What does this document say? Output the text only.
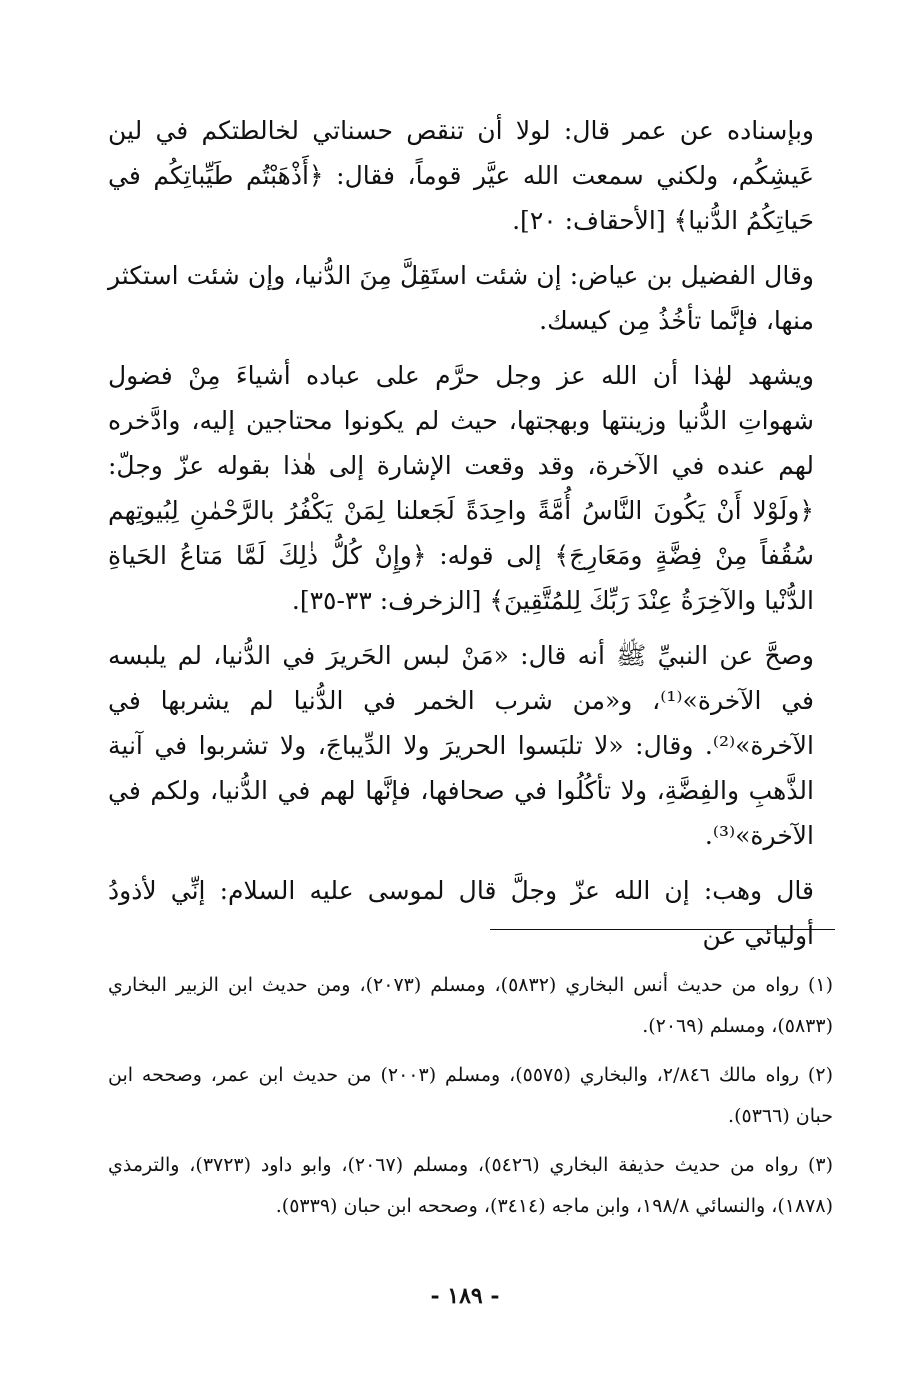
وبإسناده عن عمر قال: لولا أن تنقص حسناتي لخالطتكم في لين عَيشِكُم، ولكني سمعت الله عيَّر قوماً، فقال: ﴿أَذْهَبْتُم طَيِّباتِكُم في حَياتِكُمُ الدُّنيا﴾ [الأحقاف: ٢٠].

وقال الفضيل بن عياض: إن شئت استَقِلَّ مِنَ الدُّنيا، وإن شئت استكثر منها، فإنَّما تأخُذُ مِن كيسك.

ويشهد لهٰذا أن الله عز وجل حرَّم على عباده أشياءَ مِنْ فضول شهواتِ الدُّنيا وزينتها وبهجتها، حيث لم يكونوا محتاجين إليه، وادَّخره لهم عنده في الآخرة، وقد وقعت الإشارة إلى هٰذا بقوله عزّ وجلّ: ﴿ولَوْلا أَنْ يَكُونَ النَّاسُ أُمَّةً واحِدَةً لَجَعلنا لِمَنْ يَكْفُرُ بالرَّحْمٰنِ لِبُيوتِهم سُقُفاً مِنْ فِضَّةٍ ومَعَارِجَ﴾ إلى قوله: ﴿وإِنْ كُلُّ ذٰلِكَ لَمَّا مَتاعُ الحَياةِ الدُّنْيا والآخِرَةُ عِنْدَ رَبِّكَ لِلمُتَّقِينَ﴾ [الزخرف: ٣٣-٣٥].

وصحَّ عن النبيِّ ﷺ أنه قال: «مَنْ لبس الحَريرَ في الدُّنيا، لم يلبسه في الآخرة»⁽¹⁾، و«من شرب الخمر في الدُّنيا لم يشربها في الآخرة»⁽²⁾. وقال: «لا تلبَسوا الحريرَ ولا الدِّيباجَ، ولا تشربوا في آنية الذَّهبِ والفِضَّةِ، ولا تأكُلُوا في صحافها، فإنَّها لهم في الدُّنيا، ولكم في الآخرة»⁽³⁾.

قال وهب: إن الله عزّ وجلَّ قال لموسى عليه السلام: إنِّي لأذودُ أوليائي عن

(١) رواه من حديث أنس البخاري (٥٨٣٢)، ومسلم (٢٠٧٣)، ومن حديث ابن الزبير البخاري (٥٨٣٣)، ومسلم (٢٠٦٩).

(٢) رواه مالك ٢/٨٤٦، والبخاري (٥٥٧٥)، ومسلم (٢٠٠٣) من حديث ابن عمر، وصححه ابن حبان (٥٣٦٦).

(٣) رواه من حديث حذيفة البخاري (٥٤٢٦)، ومسلم (٢٠٦٧)، وابو داود (٣٧٢٣)، والترمذي (١٨٧٨)، والنسائي ١٩٨/٨، وابن ماجه (٣٤١٤)، وصححه ابن حبان (٥٣٣٩).

- ١٨٩ -
